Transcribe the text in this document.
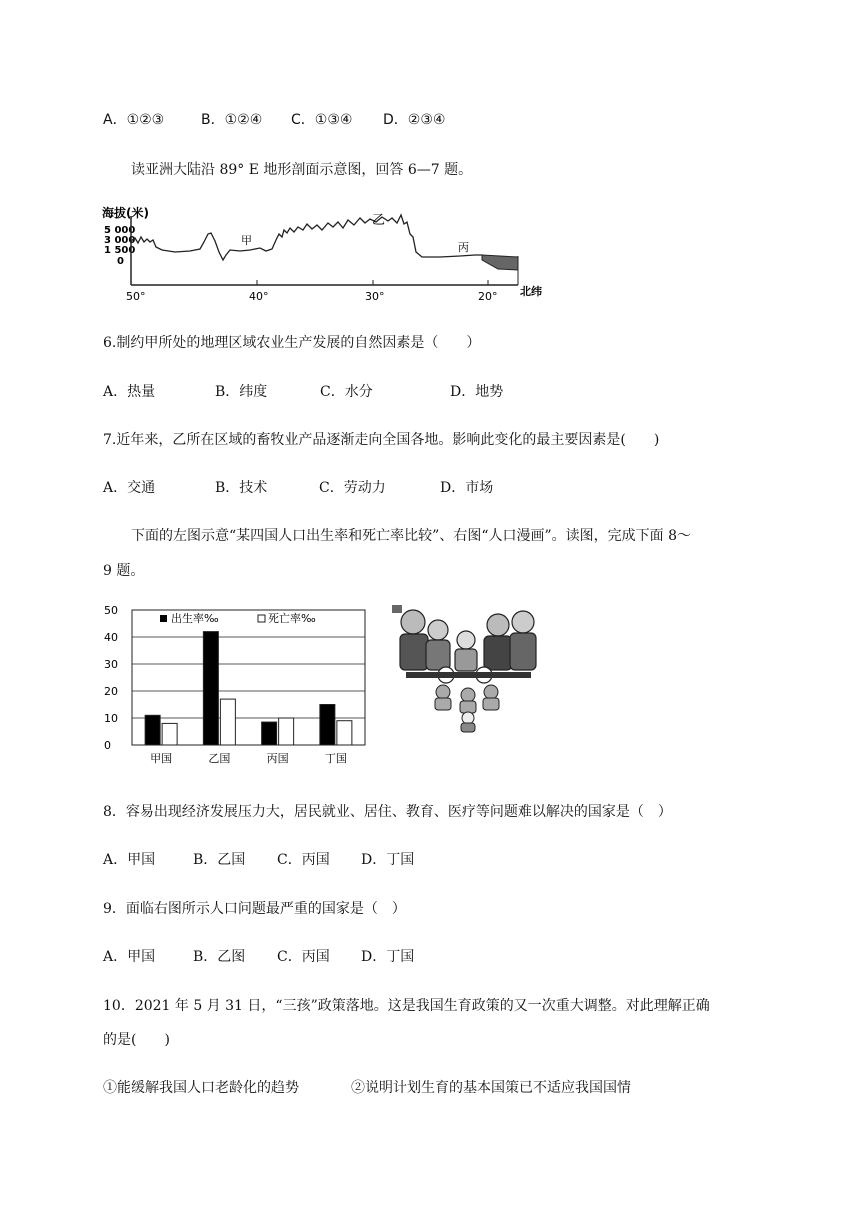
A．①②③	B．①②④ C．①③④ D．②③④
读亚洲大陆沿 89° E 地形剖面示意图，回答 6—7 题。
海拔(米)
5 000
3 000
1 500
0
50°	40°	30°	20° 北纬
甲
乙
丙
6.制约甲所处的地理区域农业生产发展的自然因素是（　　）
A．热量	B．纬度	C．水分	D．地势
7.近年来，乙所在区域的畜牧业产品逐渐走向全国各地。影响此变化的最主要因素是(　　)
A．交通	B．技术	C．劳动力	D．市场
下面的左图示意“某四国人口出生率和死亡率比较”、右图“人口漫画”。读图，完成下面 8～
9 题。
50
40
30
20
10
0
出生率‰	死亡率‰
甲国	乙国	丙国	丁国
8．容易出现经济发展压力大，居民就业、居住、教育、医疗等问题难以解决的国家是（　）
A．甲国	B．乙国 C．丙国 D．丁国
9．面临右图所示人口问题最严重的国家是（　）
A．甲国	B．乙图 C．丙国 D．丁国
10．2021 年 5 月 31 日，“三孩”政策落地。这是我国生育政策的又一次重大调整。对此理解正确
的是(　　)
①能缓解我国人口老龄化的趋势	②说明计划生育的基本国策已不适应我国国情
